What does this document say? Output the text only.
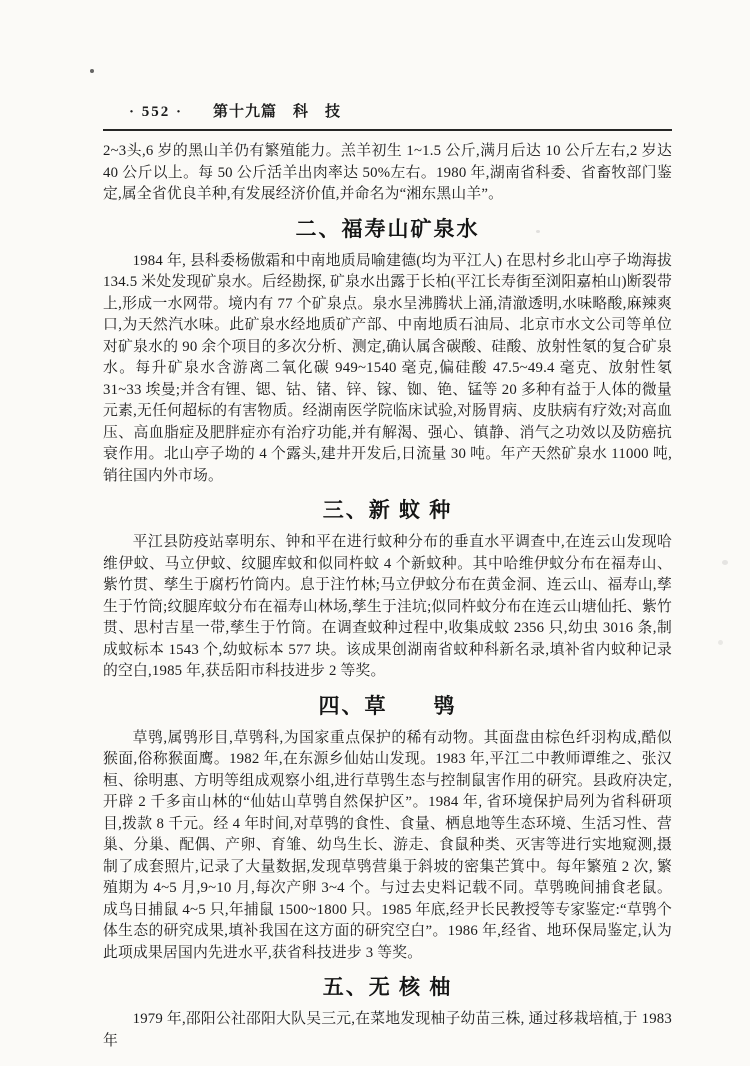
· 552 · 第十九篇　科　技

2~3头,6 岁的黑山羊仍有繁殖能力。羔羊初生 1~1.5 公斤,满月后达 10 公斤左右,2 岁达 40 公斤以上。每 50 公斤活羊出肉率达 50%左右。1980 年,湖南省科委、省畜牧部门鉴定,属全省优良羊种,有发展经济价值,并命名为“湘东黑山羊”。

二、福寿山矿泉水

1984 年, 县科委杨傲霜和中南地质局喻建德(均为平江人) 在思村乡北山亭子坳海拔 134.5 米处发现矿泉水。后经勘探, 矿泉水出露于长柏(平江长寿街至浏阳嘉柏山)断裂带上,形成一水网带。境内有 77 个矿泉点。泉水呈沸腾状上涌,清澈透明,水味略酸,麻辣爽口,为天然汽水味。此矿泉水经地质矿产部、中南地质石油局、北京市水文公司等单位对矿泉水的 90 余个项目的多次分析、测定,确认属含碳酸、硅酸、放射性氡的复合矿泉水。每升矿泉水含游离二氧化碳 949~1540 毫克,偏硅酸 47.5~49.4 毫克、放射性氡 31~33 埃曼;并含有锂、锶、钴、锗、锌、镓、铷、铯、锰等 20 多种有益于人体的微量元素,无任何超标的有害物质。经湖南医学院临床试验,对肠胃病、皮肤病有疗效;对高血压、高血脂症及肥胖症亦有治疗功能,并有解渴、强心、镇静、消气之功效以及防癌抗衰作用。北山亭子坳的 4 个露头,建井开发后,日流量 30 吨。年产天然矿泉水 11000 吨, 销往国内外市场。

三、新 蚊 种

平江县防疫站辜明东、钟和平在进行蚊种分布的垂直水平调查中,在连云山发现哈维伊蚊、马立伊蚊、纹腿库蚊和似同杵蚊 4 个新蚊种。其中哈维伊蚊分布在福寿山、紫竹贯、孳生于腐朽竹筒内。息于注竹林;马立伊蚊分布在黄金洞、连云山、福寿山,孳生于竹筒;纹腿库蚊分布在福寿山林场,孳生于洼坑;似同杵蚊分布在连云山塘仙托、紫竹贯、思村吉星一带,孳生于竹筒。在调查蚊种过程中,收集成蚊 2356 只,幼虫 3016 条,制成蚊标本 1543 个,幼蚊标本 577 块。该成果创湖南省蚊种科新名录,填补省内蚊种记录的空白,1985 年,获岳阳市科技进步 2 等奖。

四、草　　鸮

草鸮,属鸮形目,草鸮科,为国家重点保护的稀有动物。其面盘由棕色纤羽构成,酷似猴面,俗称猴面鹰。1982 年,在东源乡仙姑山发现。1983 年,平江二中教师谭维之、张汉桓、徐明惠、方明等组成观察小组,进行草鸮生态与控制鼠害作用的研究。县政府决定,开辟 2 千多亩山林的“仙姑山草鸮自然保护区”。1984 年, 省环境保护局列为省科研项目,拨款 8 千元。经 4 年时间,对草鸮的食性、食量、栖息地等生态环境、生活习性、营巢、分巢、配偶、产卵、育雏、幼鸟生长、游走、食鼠种类、灭害等进行实地窥测,摄制了成套照片,记录了大量数据,发现草鸮营巢于斜坡的密集芒箕中。每年繁殖 2 次, 繁殖期为 4~5 月,9~10 月,每次产卵 3~4 个。与过去史料记载不同。草鸮晚间捕食老鼠。成鸟日捕鼠 4~5 只,年捕鼠 1500~1800 只。1985 年底,经尹长民教授等专家鉴定:“草鸮个体生态的研究成果,填补我国在这方面的研究空白”。1986 年,经省、地环保局鉴定,认为此项成果居国内先进水平,获省科技进步 3 等奖。

五、无 核 柚

1979 年,邵阳公社邵阳大队吴三元,在菜地发现柚子幼苗三株, 通过移栽培植,于 1983 年
